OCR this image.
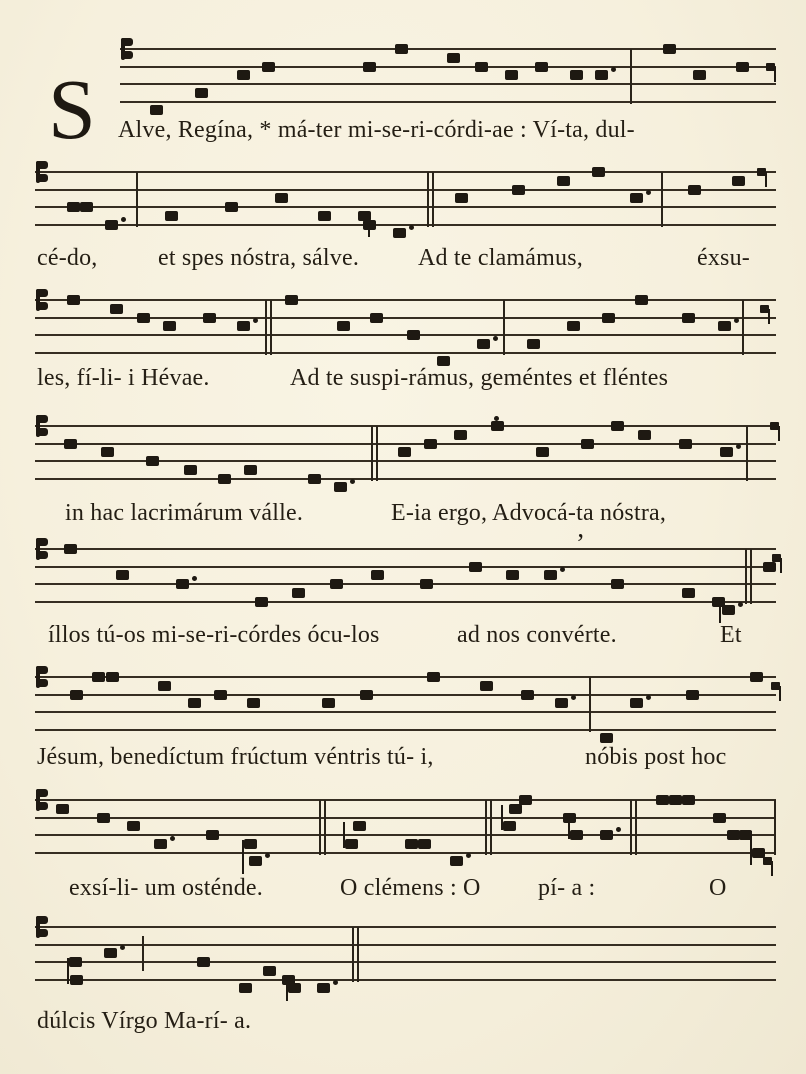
S Alve, Regína, * má-ter mi-se-ri-córdi-ae : Ví-ta, dul-
cé-do,	et spes nóstra, sálve. Ad te clamámus,	éxsu-
les, fí-li- i Hévae.	Ad te suspi-rámus, geméntes et fléntes
in hac lacrimárum válle.	E-ia ergo, Advocá-ta nóstra,
’
íllos tú-os mi-se-ri-córdes ócu-los	ad nos convérte.	Et
Jésum, benedíctum frúctum véntris tú- i,	nóbis post hoc
exsí-li- um osténde.	O clémens : O pí- a :	O
dúlcis Vírgo Ma-rí- a.
